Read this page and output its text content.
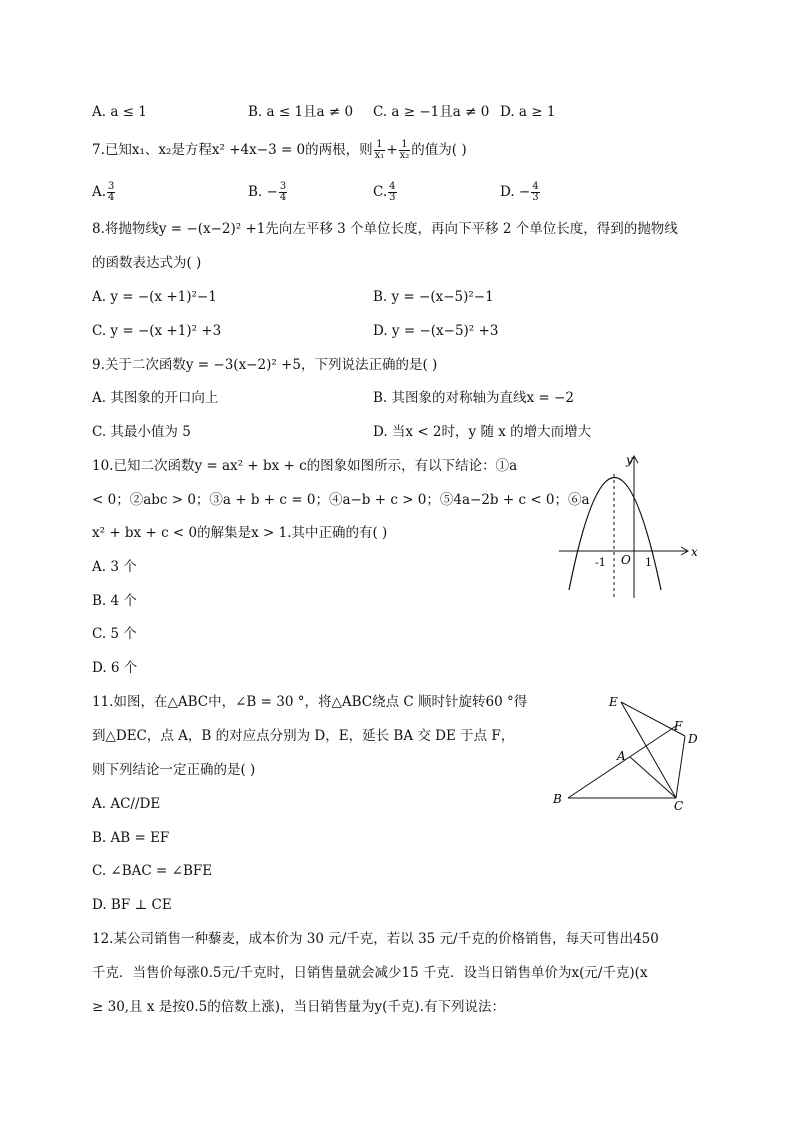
A. a ≤ 1	B. a ≤ 1且a ≠ 0 C. a ≥ −1且a ≠ 0 D. a ≥ 1
7.已知x₁、x₂是方程x² +4x−3 = 0的两根，则 $\frac{1}{\text{x₁}} + \frac{1}{\text{x₂}}$ 的值为( )
A. $\frac{3}{4}$	B. − $\frac{3}{4}$	C. $\frac{4}{3}$	D. − $\frac{4}{3}$
8.将抛物线y = −(x−2)² +1先向左平移 3 个单位长度，再向下平移 2 个单位长度，得到的抛物线
的函数表达式为( )
A. y = −(x +1)²−1	B. y = −(x−5)²−1
C. y = −(x +1)² +3	D. y = −(x−5)² +3
9.关于二次函数y = −3(x−2)² +5，下列说法正确的是( )
A. 其图象的开口向上	B. 其图象的对称轴为直线x = −2
C. 其最小值为 5	D. 当x < 2时，y 随 x 的增大而增大
10.已知二次函数y = ax² + bx + c的图象如图所示，有以下结论：①a
< 0；②abc > 0；③a + b + c = 0；④a−b + c > 0；⑤4a−2b + c < 0；⑥a
x² + bx + c < 0的解集是x > 1.其中正确的有( )
A. 3 个
B. 4 个
C. 5 个
D. 6 个
y
x
O
-1	1
11.如图，在△ABC中，∠B = 30 °，将△ABC绕点 C 顺时针旋转60 °得
到△DEC，点 A，B 的对应点分别为 D，E，延长 BA 交 DE 于点 F，
则下列结论一定正确的是( )
A. AC//DE
B. AB = EF
C. ∠BAC = ∠BFE
D. BF ⊥ CE
E
F
D
A
B	C
12.某公司销售一种藜麦，成本价为 30 元/千克，若以 35 元/千克的价格销售，每天可售出450
千克．当售价每涨0.5元/千克时，日销售量就会减少15 千克．设当日销售单价为x(元/千克)(x
≥ 30,且 x 是按0.5的倍数上涨)，当日销售量为y(千克).有下列说法：
